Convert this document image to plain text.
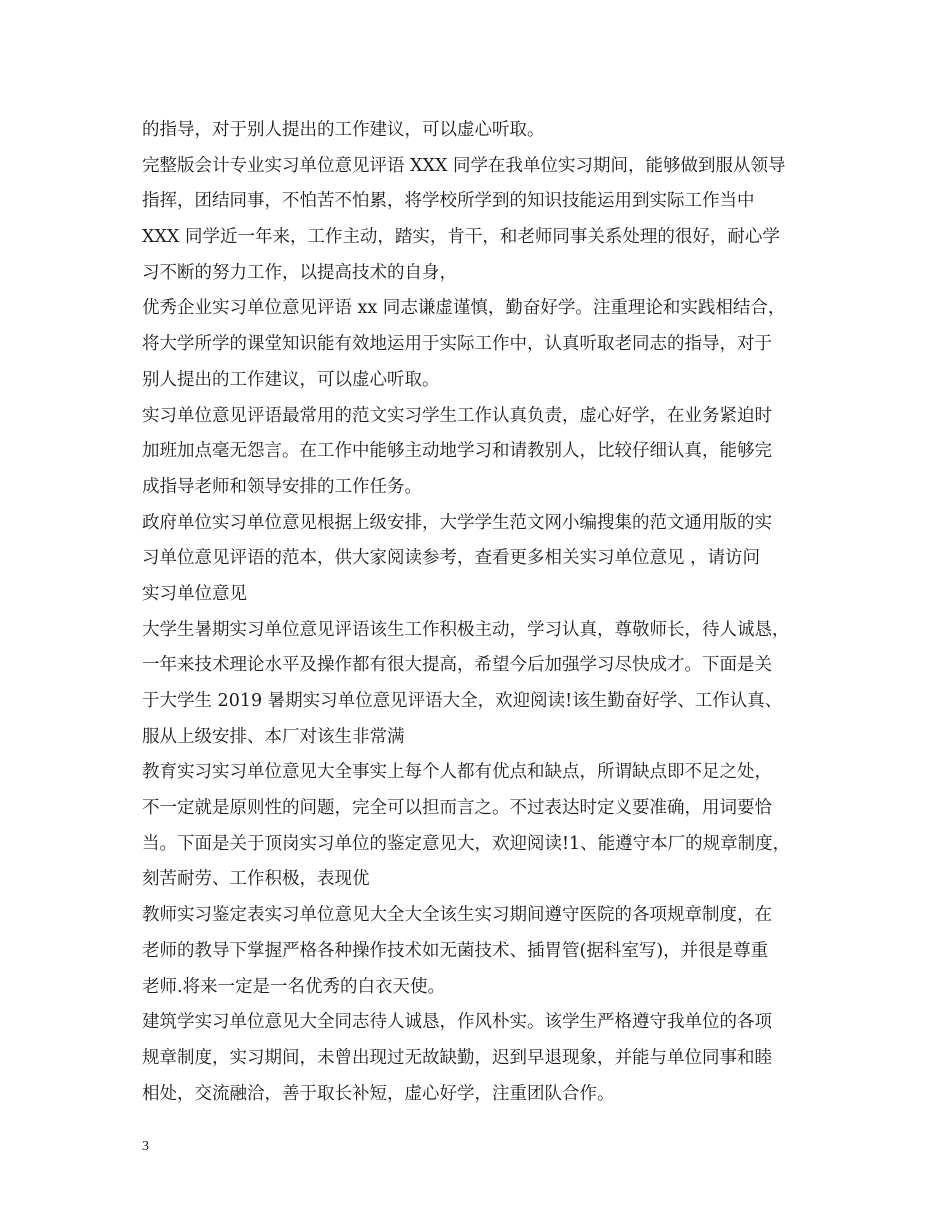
的指导，对于别人提出的工作建议，可以虚心听取。
完整版会计专业实习单位意见评语 XXX 同学在我单位实习期间，能够做到服从领导
指挥，团结同事，不怕苦不怕累，将学校所学到的知识技能运用到实际工作当中
XXX 同学近一年来，工作主动，踏实，肯干，和老师同事关系处理的很好，耐心学
习不断的努力工作，以提高技术的自身，
优秀企业实习单位意见评语 xx 同志谦虚谨慎，勤奋好学。注重理论和实践相结合，
将大学所学的课堂知识能有效地运用于实际工作中，认真听取老同志的指导，对于
别人提出的工作建议，可以虚心听取。
实习单位意见评语最常用的范文实习学生工作认真负责，虚心好学，在业务紧迫时
加班加点毫无怨言。在工作中能够主动地学习和请教别人，比较仔细认真，能够完
成指导老师和领导安排的工作任务。
政府单位实习单位意见根据上级安排，大学学生范文网小编搜集的范文通用版的实
习单位意见评语的范本，供大家阅读参考，查看更多相关实习单位意见 ，请访问
实习单位意见
大学生暑期实习单位意见评语该生工作积极主动，学习认真，尊敬师长，待人诚恳，
一年来技术理论水平及操作都有很大提高，希望今后加强学习尽快成才。下面是关
于大学生 2019 暑期实习单位意见评语大全，欢迎阅读!该生勤奋好学、工作认真、
服从上级安排、本厂对该生非常满
教育实习实习单位意见大全事实上每个人都有优点和缺点，所谓缺点即不足之处，
不一定就是原则性的问题，完全可以担而言之。不过表达时定义要准确，用词要恰
当。下面是关于顶岗实习单位的鉴定意见大，欢迎阅读!1、能遵守本厂的规章制度，
刻苦耐劳、工作积极，表现优
教师实习鉴定表实习单位意见大全大全该生实习期间遵守医院的各项规章制度，在
老师的教导下掌握严格各种操作技术如无菌技术、插胃管(据科室写)，并很是尊重
老师.将来一定是一名优秀的白衣天使。
建筑学实习单位意见大全同志待人诚恳，作风朴实。该学生严格遵守我单位的各项
规章制度，实习期间，未曾出现过无故缺勤，迟到早退现象，并能与单位同事和睦
相处，交流融洽，善于取长补短，虚心好学，注重团队合作。
3
